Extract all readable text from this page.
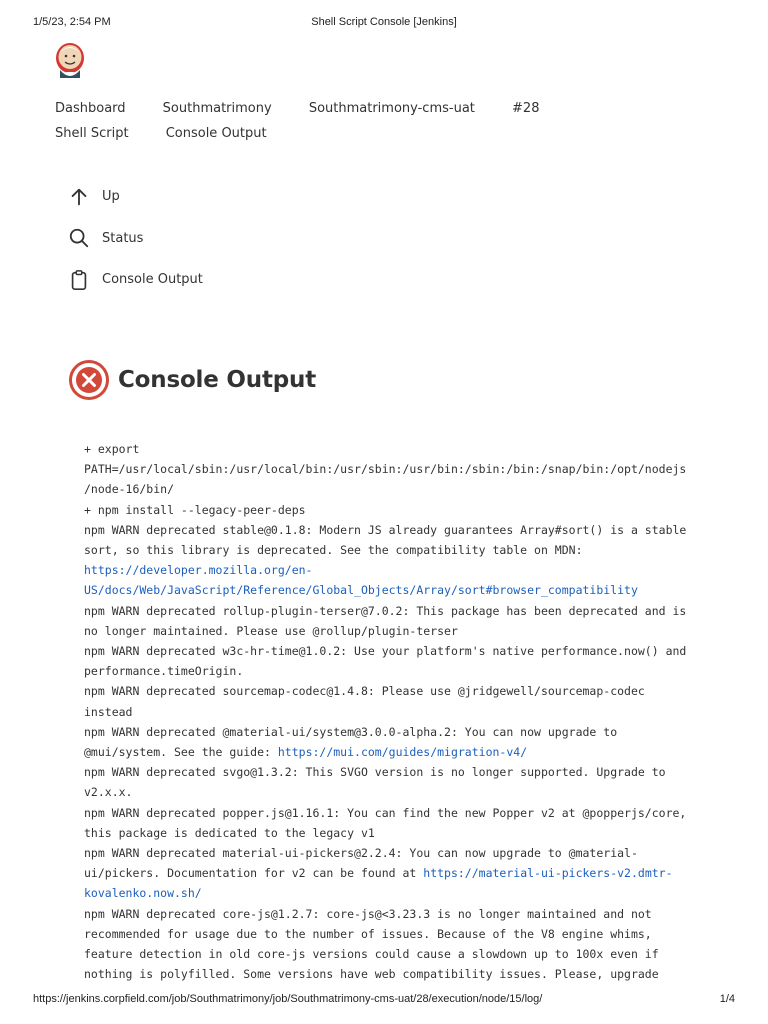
1/5/23, 2:54 PM	Shell Script Console [Jenkins]
Dashboard	Southmatrimony	Southmatrimony-cms-uat	#28 Shell Script	Console Output
Up
Status
Console Output
Console Output
+ export
PATH=/usr/local/sbin:/usr/local/bin:/usr/sbin:/usr/bin:/sbin:/bin:/snap/bin:/opt/nodejs
/node-16/bin/
+ npm install --legacy-peer-deps
npm WARN deprecated stable@0.1.8: Modern JS already guarantees Array#sort() is a stable
sort, so this library is deprecated. See the compatibility table on MDN:
https://developer.mozilla.org/en-
US/docs/Web/JavaScript/Reference/Global_Objects/Array/sort#browser_compatibility
npm WARN deprecated rollup-plugin-terser@7.0.2: This package has been deprecated and is
no longer maintained. Please use @rollup/plugin-terser
npm WARN deprecated w3c-hr-time@1.0.2: Use your platform's native performance.now() and
performance.timeOrigin.
npm WARN deprecated sourcemap-codec@1.4.8: Please use @jridgewell/sourcemap-codec
instead
npm WARN deprecated @material-ui/system@3.0.0-alpha.2: You can now upgrade to
@mui/system. See the guide: https://mui.com/guides/migration-v4/
npm WARN deprecated svgo@1.3.2: This SVGO version is no longer supported. Upgrade to
v2.x.x.
npm WARN deprecated popper.js@1.16.1: You can find the new Popper v2 at @popperjs/core,
this package is dedicated to the legacy v1
npm WARN deprecated material-ui-pickers@2.2.4: You can now upgrade to @material-
ui/pickers. Documentation for v2 can be found at https://material-ui-pickers-v2.dmtr-
kovalenko.now.sh/
npm WARN deprecated core-js@1.2.7: core-js@<3.23.3 is no longer maintained and not
recommended for usage due to the number of issues. Because of the V8 engine whims,
feature detection in old core-js versions could cause a slowdown up to 100x even if
nothing is polyfilled. Some versions have web compatibility issues. Please, upgrade
https://jenkins.corpfield.com/job/Southmatrimony/job/Southmatrimony-cms-uat/28/execution/node/15/log/	1/4
